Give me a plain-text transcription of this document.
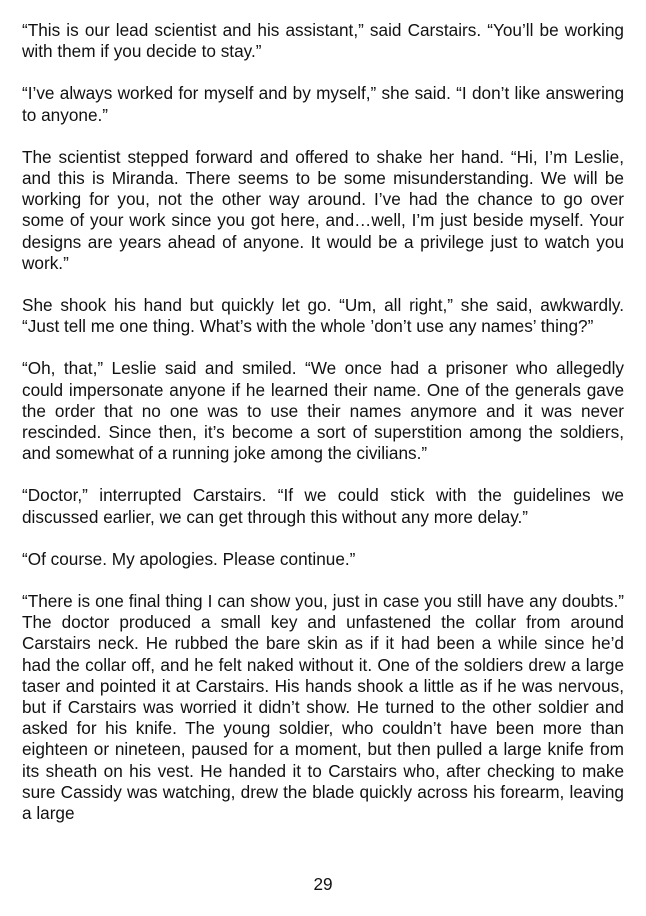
“This is our lead scientist and his assistant,” said Carstairs. “You’ll be working with them if you decide to stay.”

“I’ve always worked for myself and by myself,” she said. “I don’t like answering to anyone.”

The scientist stepped forward and offered to shake her hand. “Hi, I’m Leslie, and this is Miranda. There seems to be some misunderstanding. We will be working for you, not the other way around. I’ve had the chance to go over some of your work since you got here, and…well, I’m just beside myself. Your designs are years ahead of anyone. It would be a privilege just to watch you work.”

She shook his hand but quickly let go. “Um, all right,” she said, awkwardly. “Just tell me one thing. What’s with the whole ’don’t use any names’ thing?”

“Oh, that,” Leslie said and smiled. “We once had a prisoner who allegedly could impersonate anyone if he learned their name. One of the generals gave the order that no one was to use their names anymore and it was never rescinded. Since then, it’s become a sort of superstition among the soldiers, and somewhat of a running joke among the civilians.”

“Doctor,” interrupted Carstairs. “If we could stick with the guidelines we discussed earlier, we can get through this without any more delay.”

“Of course. My apologies. Please continue.”

“There is one final thing I can show you, just in case you still have any doubts.” The doctor produced a small key and unfastened the collar from around Carstairs neck. He rubbed the bare skin as if it had been a while since he’d had the collar off, and he felt naked without it. One of the soldiers drew a large taser and pointed it at Carstairs. His hands shook a little as if he was nervous, but if Carstairs was worried it didn’t show. He turned to the other soldier and asked for his knife. The young soldier, who couldn’t have been more than eighteen or nineteen, paused for a moment, but then pulled a large knife from its sheath on his vest. He handed it to Carstairs who, after checking to make sure Cassidy was watching, drew the blade quickly across his forearm, leaving a large

29
